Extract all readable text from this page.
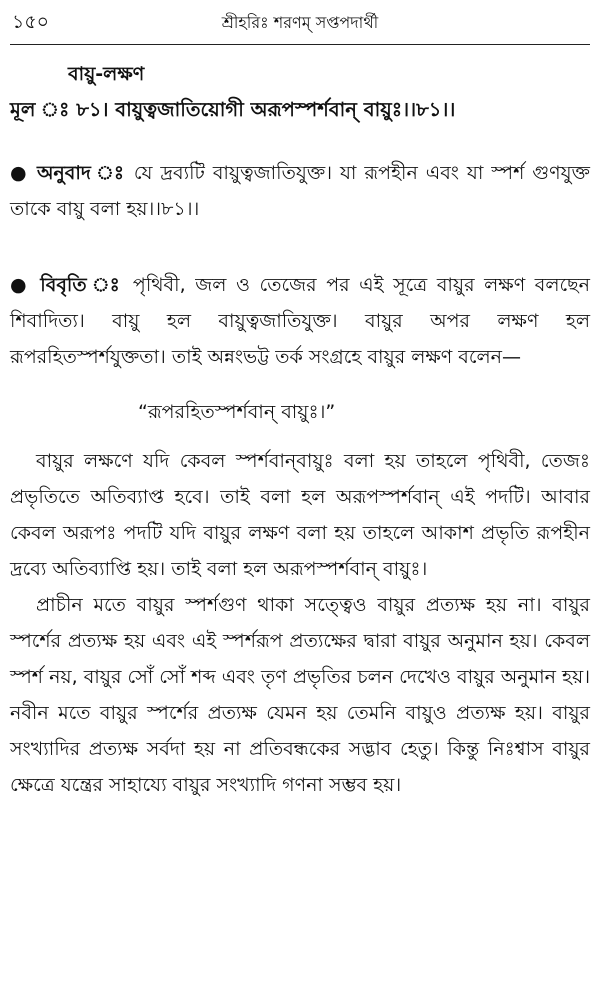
১৫০	শ্রীহরিঃ শরণম্‌ সপ্তপদার্থী
বায়ু-লক্ষণ
মূল ঃ ৮১। বায়ুত্বজাতিয়োগী অরূপস্পর্শবান্‌ বায়ুঃ।।৮১।।

● অনুবাদ ঃ যে দ্রব্যটি বায়ুত্বজাতিযুক্ত। যা রূপহীন এবং যা স্পর্শ গুণযুক্ত তাকে বায়ু বলা হয়।।৮১।।

● বিবৃতি ঃ পৃথিবী, জল ও তেজের পর এই সূত্রে বায়ুর লক্ষণ বলছেন শিবাদিত্য। বায়ু হল বায়ুত্বজাতিযুক্ত। বায়ুর অপর লক্ষণ হল রূপরহিতস্পর্শযুক্ততা। তাই অন্নংভট্ট তর্ক সংগ্রহে বায়ুর লক্ষণ বলেন—

“রূপরহিতস্পর্শবান্‌ বায়ুঃ।”

বায়ুর লক্ষণে যদি কেবল স্পর্শবান্‌বায়ুঃ বলা হয় তাহলে পৃথিবী, তেজঃ প্রভৃতিতে অতিব্যাপ্ত হবে। তাই বলা হল অরূপস্পর্শবান্‌ এই পদটি। আবার কেবল অরূপঃ পদটি যদি বায়ুর লক্ষণ বলা হয় তাহলে আকাশ প্রভৃতি রূপহীন দ্রব্যে অতিব্যাপ্তি হয়। তাই বলা হল অরূপস্পর্শবান্‌ বায়ুঃ।

প্রাচীন মতে বায়ুর স্পর্শগুণ থাকা সত্ত্বেও বায়ুর প্রত্যক্ষ হয় না। বায়ুর স্পর্শের প্রত্যক্ষ হয় এবং এই স্পর্শরূপ প্রত্যক্ষের দ্বারা বায়ুর অনুমান হয়। কেবল স্পর্শ নয়, বায়ুর সোঁ সোঁ শব্দ এবং তৃণ প্রভৃতির চলন দেখেও বায়ুর অনুমান হয়। নবীন মতে বায়ুর স্পর্শের প্রত্যক্ষ যেমন হয় তেমনি বায়ুও প্রত্যক্ষ হয়। বায়ুর সংখ্যাদির প্রত্যক্ষ সর্বদা হয় না প্রতিবন্ধকের সদ্ভাব হেতু। কিন্তু নিঃশ্বাস বায়ুর ক্ষেত্রে যন্ত্রের সাহায্যে বায়ুর সংখ্যাদি গণনা সম্ভব হয়।
